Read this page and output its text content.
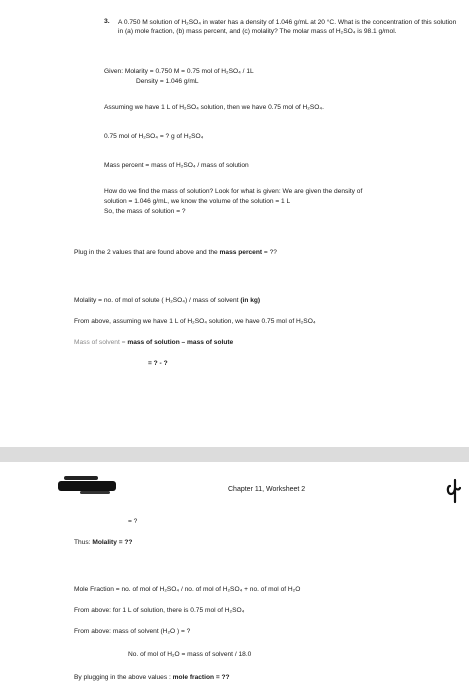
3. A 0.750 M solution of H₂SO₄ in water has a density of 1.046 g/mL at 20 °C. What is the concentration of this solution in (a) mole fraction, (b) mass percent, and (c) molality? The molar mass of H₂SO₄ is 98.1 g/mol.
Given: Molarity = 0.750 M = 0.75 mol of H₂SO₄ / 1L
Density = 1.046 g/mL
Assuming we have 1 L of H₂SO₄ solution, then we have 0.75 mol of H₂SO₄.
0.75 mol of H₂SO₄ = ? g of H₂SO₄
Mass percent = mass of H₂SO₄ / mass of solution
How do we find the mass of solution? Look for what is given: We are given the density of
solution = 1.046 g/mL, we know the volume of the solution = 1 L
So, the mass of solution = ?
Plug in the 2 values that are found above and the mass percent = ??
Molality = no. of mol of solute ( H₂SO₄) / mass of solvent (in kg)
From above, assuming we have 1 L of H₂SO₄ solution, we have 0.75 mol of H₂SO₄
Mass of solvent = mass of solution – mass of solute
= ? - ?
Chapter 11, Worksheet 2
= ?
Thus: Molality = ??
Mole Fraction = no. of mol of H₂SO₄ / no. of mol of H₂SO₄ + no. of mol of H₂O
From above: for 1 L of solution, there is 0.75 mol of H₂SO₄
From above: mass of solvent (H₂O ) = ?
No. of mol of H₂O = mass of solvent / 18.0
By plugging in the above values : mole fraction = ??
